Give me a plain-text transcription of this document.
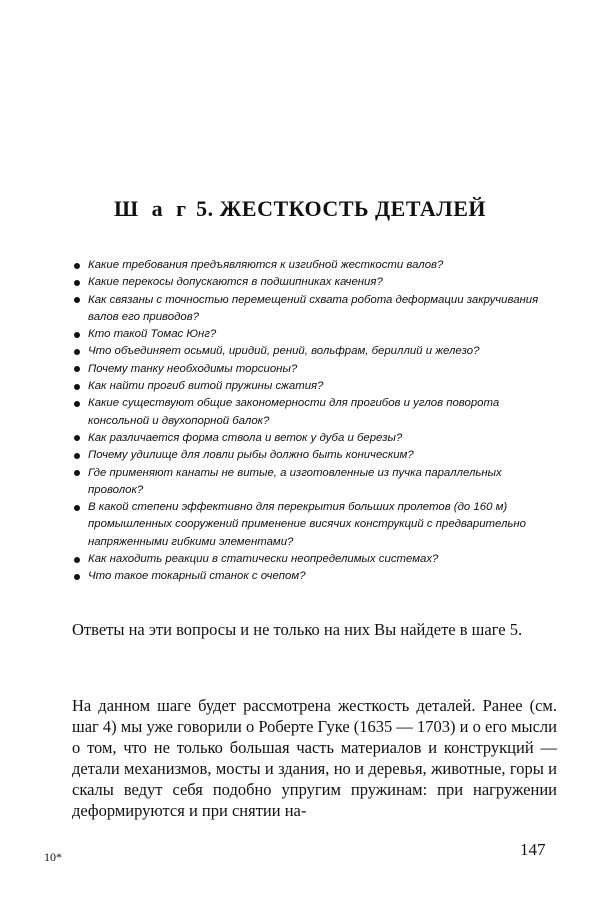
Ш а г 5. ЖЕСТКОСТЬ ДЕТАЛЕЙ
Какие требования предъявляются к изгибной жесткости валов?
Какие перекосы допускаются в подшипниках качения?
Как связаны с точностью перемещений схвата робота деформации закручивания валов его приводов?
Кто такой Томас Юнг?
Что объединяет осьмий, иридий, рений, вольфрам, бериллий и железо?
Почему танку необходимы торсионы?
Как найти прогиб витой пружины сжатия?
Какие существуют общие закономерности для прогибов и углов поворота консольной и двухопорной балок?
Как различается форма ствола и веток у дуба и березы?
Почему удилище для ловли рыбы должно быть коническим?
Где применяют канаты не витые, а изготовленные из пучка параллельных проволок?
В какой степени эффективно для перекрытия больших пролетов (до 160 м) промышленных сооружений применение висячих конструкций с предварительно напряженными гибкими элементами?
Как находить реакции в статически неопределимых системах?
Что такое токарный станок с очепом?

Ответы на эти вопросы и не только на них Вы найдете в шаге 5.

На данном шаге будет рассмотрена жесткость деталей. Ранее (см. шаг 4) мы уже говорили о Роберте Гуке (1635 — 1703) и о его мысли о том, что не только большая часть материалов и конструкций — детали механизмов, мосты и здания, но и деревья, животные, горы и скалы ведут себя подобно упругим пружинам: при нагружении деформируются и при снятии на-

10*	147
